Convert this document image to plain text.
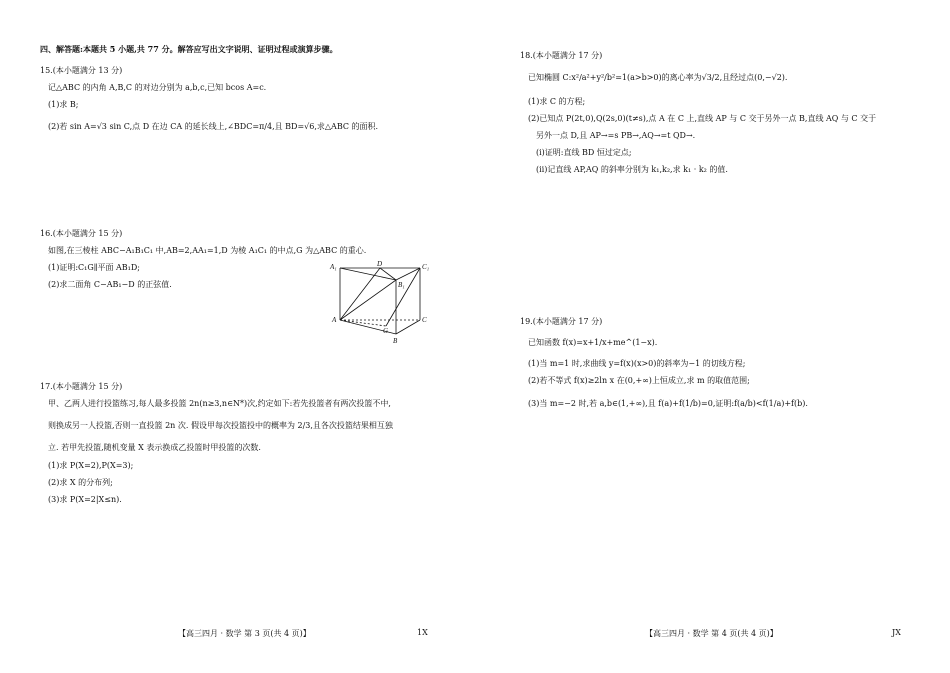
四、解答题:本题共 5 小题,共 77 分。解答应写出文字说明、证明过程或演算步骤。
15.(本小题满分 13 分)
记△ABC 的内角 A,B,C 的对边分别为 a,b,c,已知 bcos A=c.
(1)求 B;
(2)若 sin A=√3 sin C,点 D 在边 CA 的延长线上,∠BDC=π/4,且 BD=√6,求△ABC 的面积.
16.(本小题满分 15 分)
如图,在三棱柱 ABC−A₁B₁C₁ 中,AB=2,AA₁=1,D 为棱 A₁C₁ 的中点,G 为△ABC 的重心.
(1)证明:C₁G∥平面 AB₁D;
(2)求二面角 C−AB₁−D 的正弦值.
17.(本小题满分 15 分)
甲、乙两人进行投篮练习,每人最多投篮 2n(n≥3,n∈N*)次,约定如下:若先投篮者有两次投篮不中,
则换成另一人投篮,否则一直投篮 2n 次. 假设甲每次投篮投中的概率为 2/3,且各次投篮结果相互独
立. 若甲先投篮,随机变量 X 表示换成乙投篮时甲投篮的次数.
(1)求 P(X=2),P(X=3);
(2)求 X 的分布列;
(3)求 P(X=2|X≤n).
A₁	D	C₁
B₁
A	C
G
B
【高三四月 · 数学 第 3 页(共 4 页)】	1X
18.(本小题满分 17 分)
已知椭圆 C:x²/a²+y²/b²=1(a>b>0)的离心率为√3/2,且经过点(0,−√2).
(1)求 C 的方程;
(2)已知点 P(2t,0),Q(2s,0)(t≠s),点 A 在 C 上,直线 AP 与 C 交于另外一点 B,直线 AQ 与 C 交于
另外一点 D,且 AP→=s PB→,AQ→=t QD→.
(ⅰ)证明:直线 BD 恒过定点;
(ⅱ)记直线 AP,AQ 的斜率分别为 k₁,k₂,求 k₁ · k₂ 的值.
19.(本小题满分 17 分)
已知函数 f(x)=x+1/x+me^(1−x).
(1)当 m=1 时,求曲线 y=f(x)(x>0)的斜率为−1 的切线方程;
(2)若不等式 f(x)≥2ln x 在(0,+∞)上恒成立,求 m 的取值范围;
(3)当 m=−2 时,若 a,b∈(1,+∞),且 f(a)+f(1/b)=0,证明:f(a/b)<f(1/a)+f(b).
【高三四月 · 数学 第 4 页(共 4 页)】	JX
